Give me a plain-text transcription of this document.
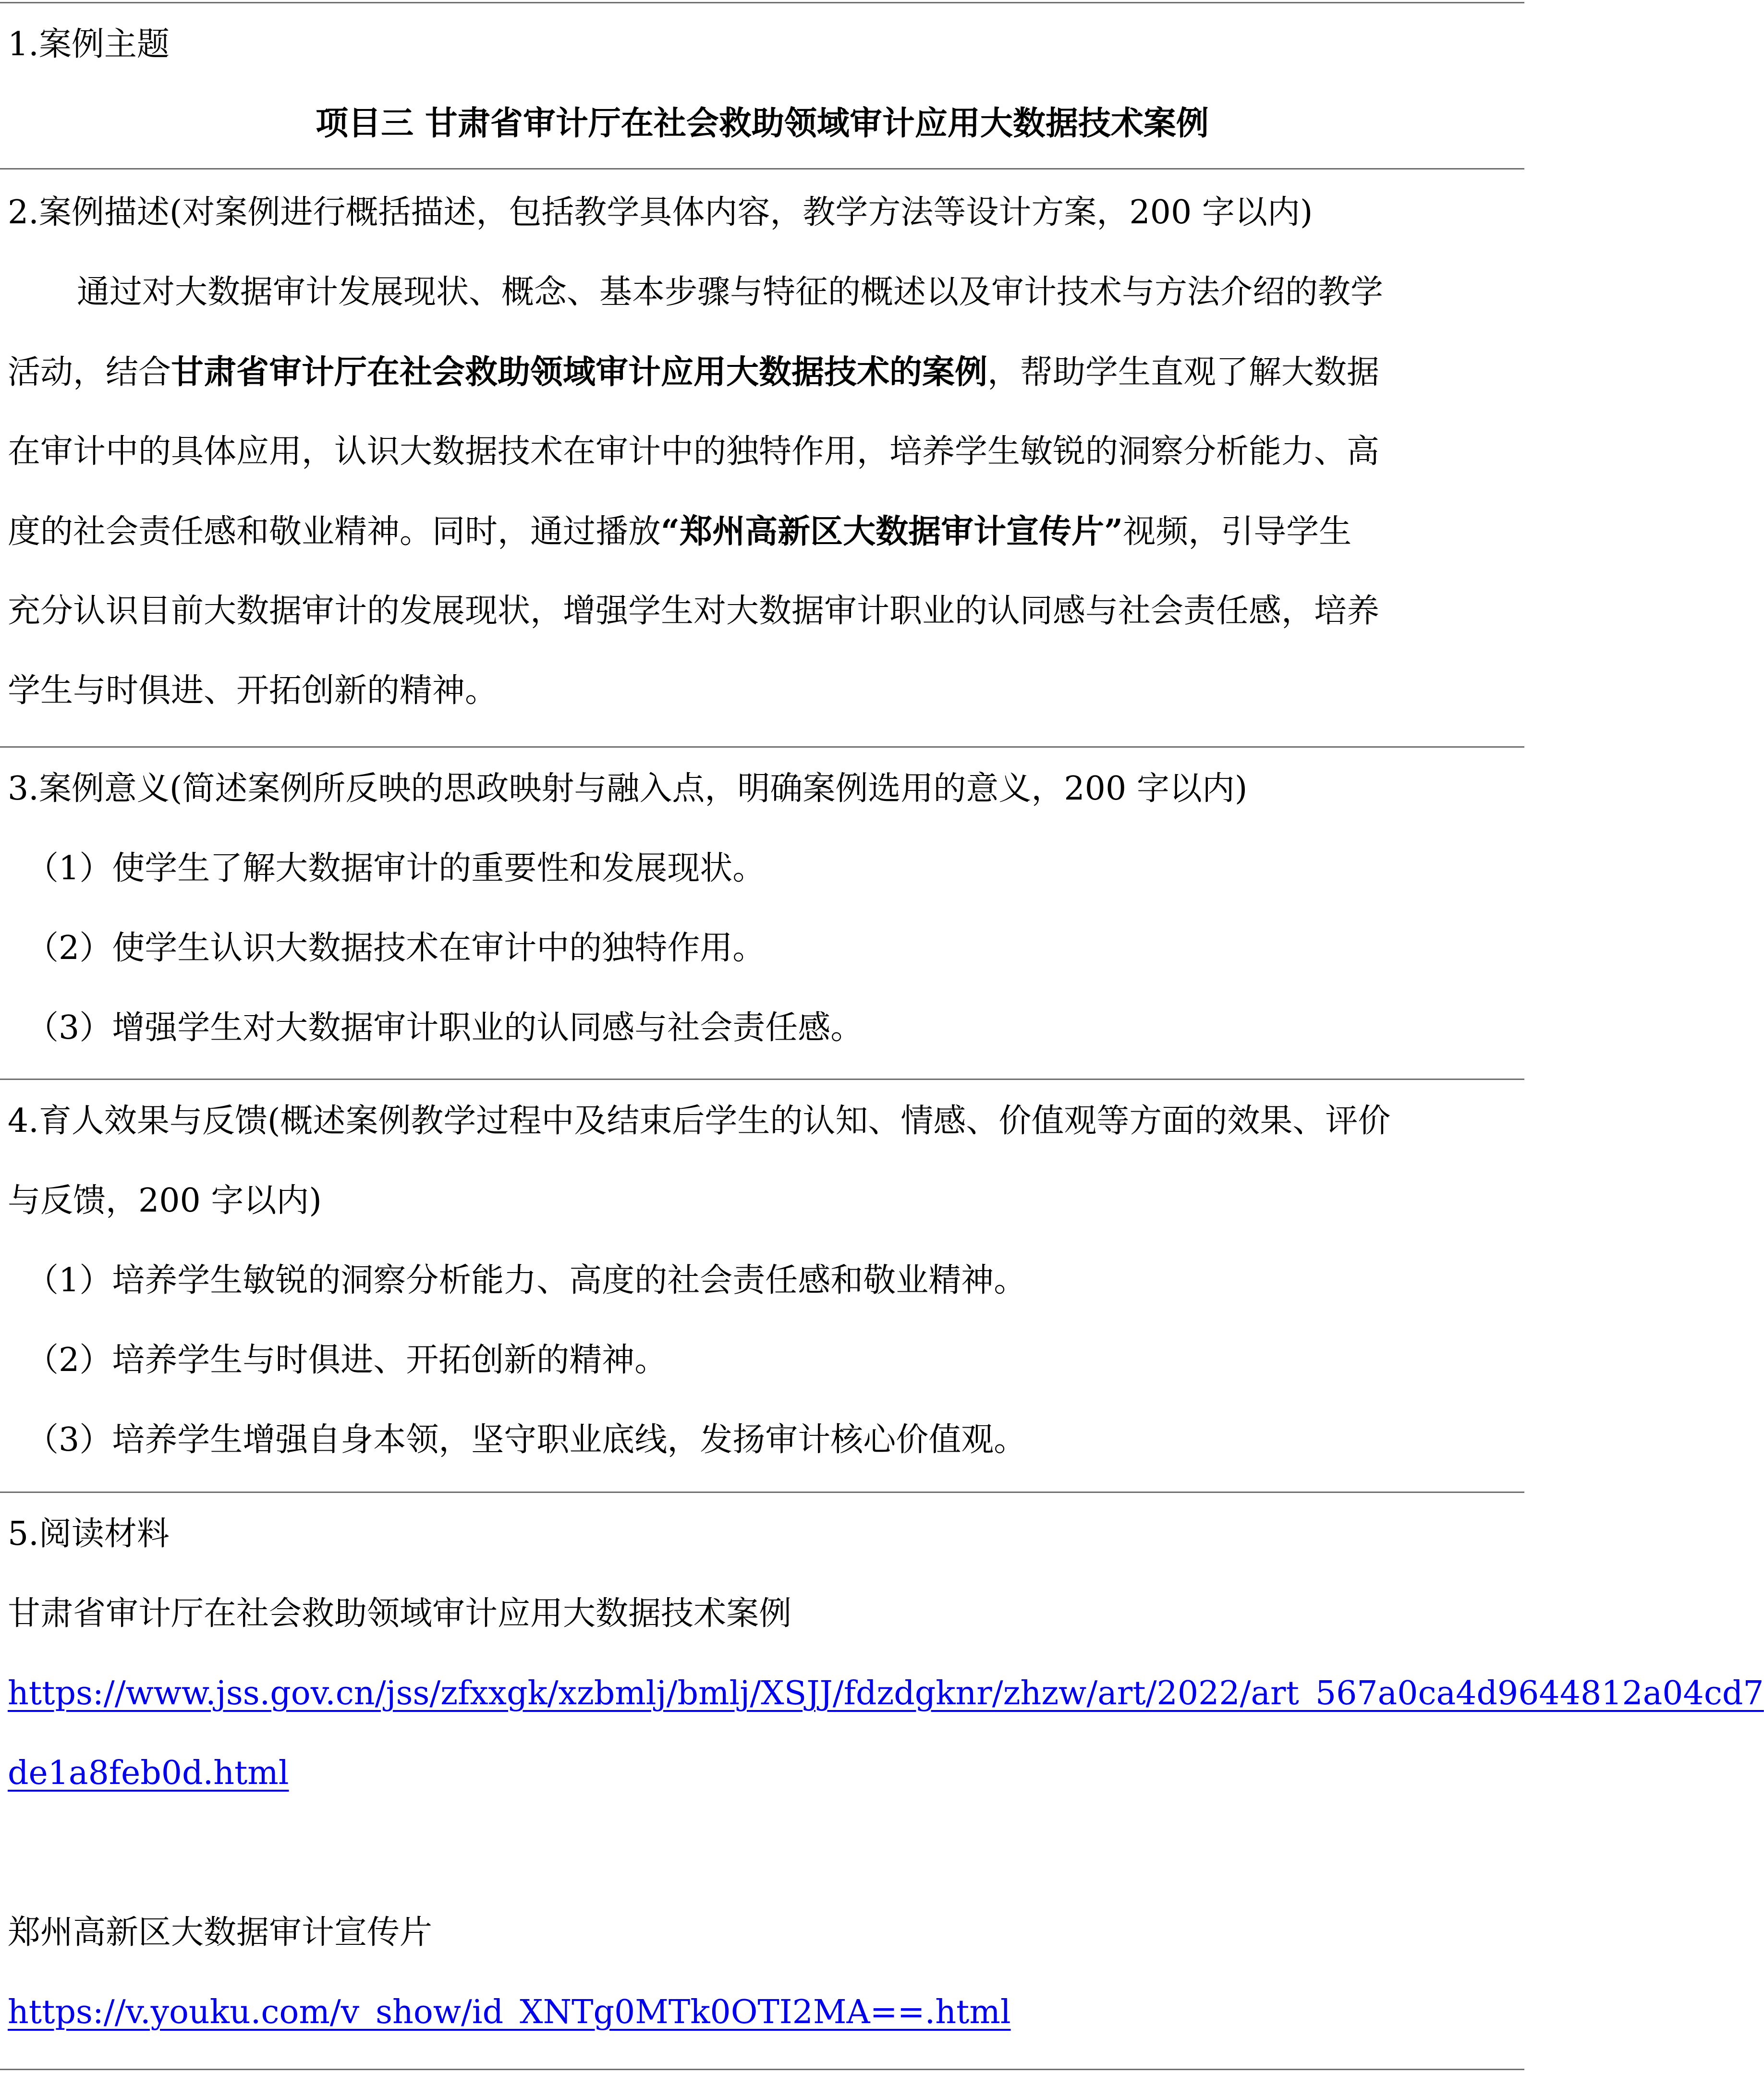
1.案例主题
项目三 甘肃省审计厅在社会救助领域审计应用大数据技术案例
2.案例描述(对案例进行概括描述，包括教学具体内容，教学方法等设计方案，200 字以内)
通过对大数据审计发展现状、概念、基本步骤与特征的概述以及审计技术与方法介绍的教学
活动，结合甘肃省审计厅在社会救助领域审计应用大数据技术的案例，帮助学生直观了解大数据
在审计中的具体应用，认识大数据技术在审计中的独特作用，培养学生敏锐的洞察分析能力、高
度的社会责任感和敬业精神。同时，通过播放“郑州高新区大数据审计宣传片”视频，引导学生
充分认识目前大数据审计的发展现状，增强学生对大数据审计职业的认同感与社会责任感，培养
学生与时俱进、开拓创新的精神。
3.案例意义(简述案例所反映的思政映射与融入点，明确案例选用的意义，200 字以内)
（1）使学生了解大数据审计的重要性和发展现状。
（2）使学生认识大数据技术在审计中的独特作用。
（3）增强学生对大数据审计职业的认同感与社会责任感。
4.育人效果与反馈(概述案例教学过程中及结束后学生的认知、情感、价值观等方面的效果、评价
与反馈，200 字以内)
（1）培养学生敏锐的洞察分析能力、高度的社会责任感和敬业精神。
（2）培养学生与时俱进、开拓创新的精神。
（3）培养学生增强自身本领，坚守职业底线，发扬审计核心价值观。
5.阅读材料
甘肃省审计厅在社会救助领域审计应用大数据技术案例
https://www.jss.gov.cn/jss/zfxxgk/xzbmlj/bmlj/XSJJ/fdzdgknr/zhzw/art/2022/art_567a0ca4d9644812a04cd7
de1a8feb0d.html
郑州高新区大数据审计宣传片
https://v.youku.com/v_show/id_XNTg0MTk0OTI2MA==.html
